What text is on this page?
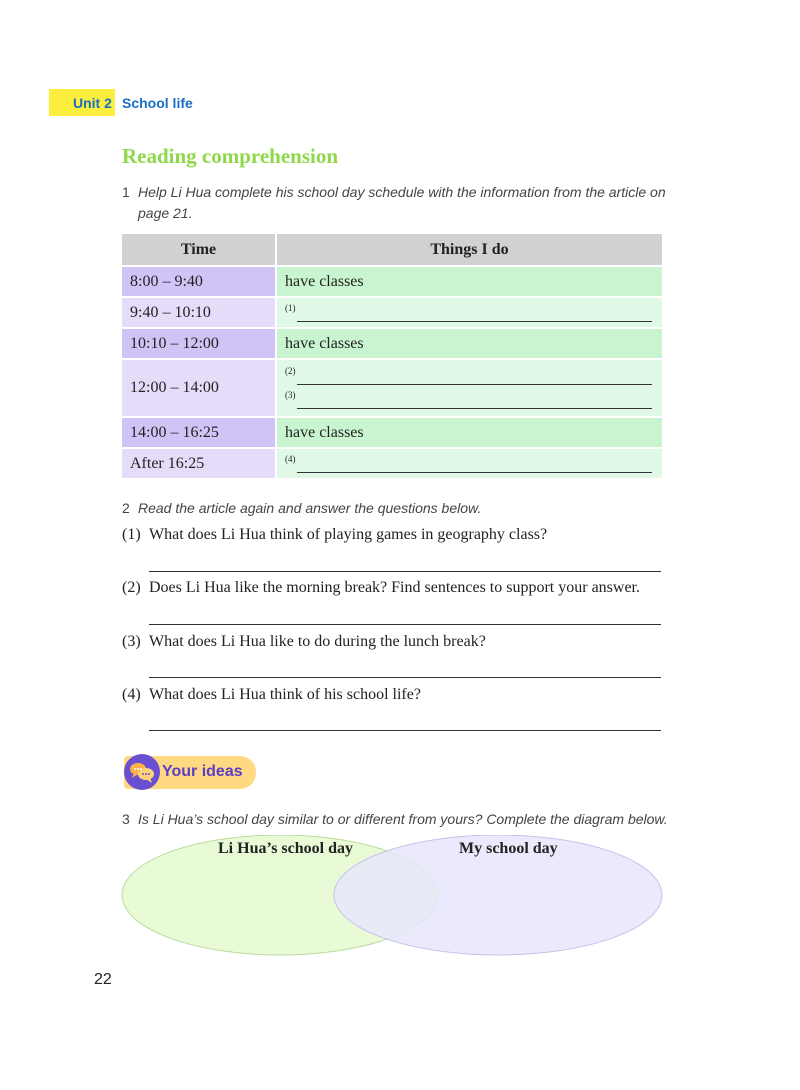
Unit 2 School life
Reading comprehension
1 Help Li Hua complete his school day schedule with the information from the article on
page 21.
Time	Things I do
8:00 – 9:40	have classes
9:40 – 10:10	(1)

10:10 – 12:00	have classes
12:00 – 14:00	(2)
(3)

14:00 – 16:25	have classes
After 16:25	(4)
2 Read the article again and answer the questions below.
(1) What does Li Hua think of playing games in geography class?
(2) Does Li Hua like the morning break? Find sentences to support your answer.
(3) What does Li Hua like to do during the lunch break?
(4) What does Li Hua think of his school life?
Your ideas
3 Is Li Hua’s school day similar to or different from yours? Complete the diagram below.
Li Hua’s school day	My school day
22
